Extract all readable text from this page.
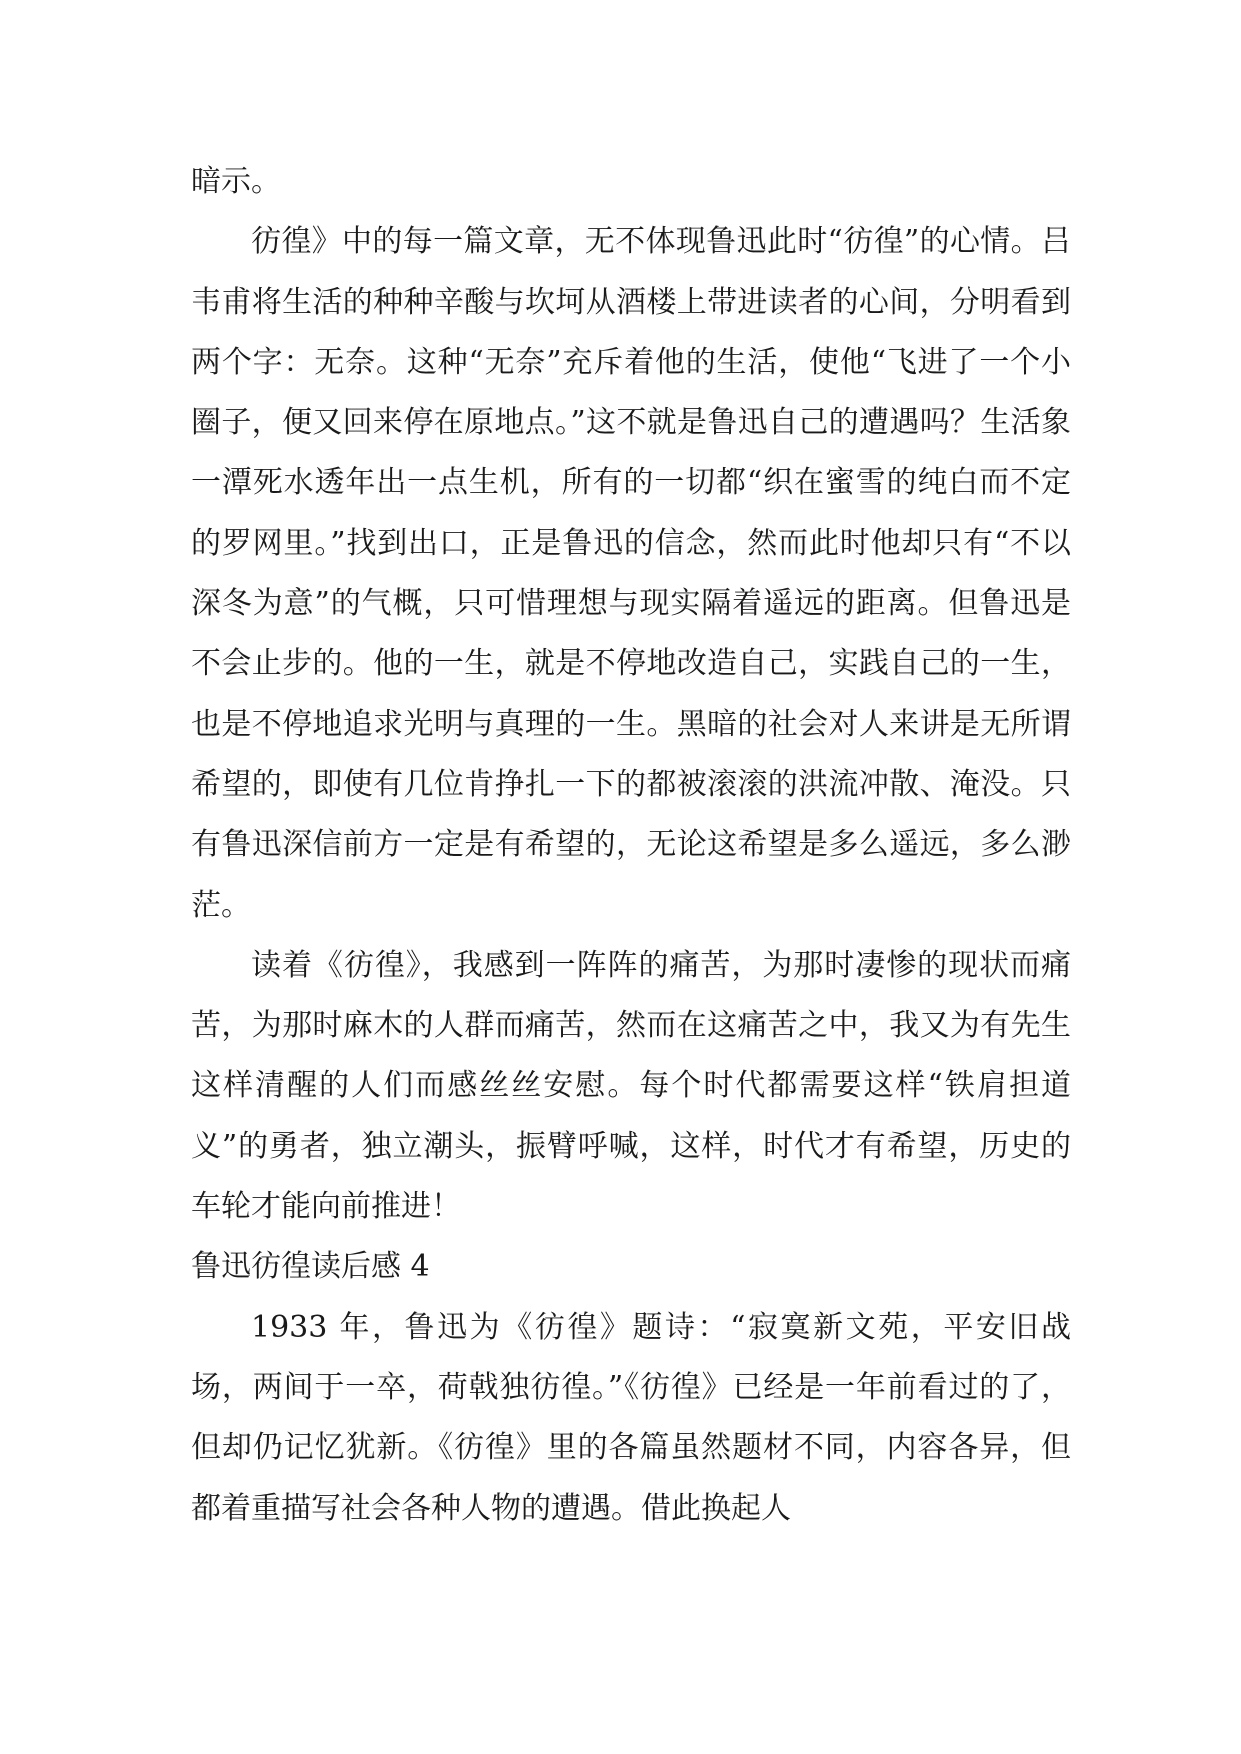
暗示。

彷徨》中的每一篇文章，无不体现鲁迅此时“彷徨”的心情。吕韦甫将生活的种种辛酸与坎坷从酒楼上带进读者的心间，分明看到两个字：无奈。这种“无奈”充斥着他的生活，使他“飞进了一个小圈子，便又回来停在原地点。”这不就是鲁迅自己的遭遇吗？生活象一潭死水透年出一点生机，所有的一切都“织在蜜雪的纯白而不定的罗网里。”找到出口，正是鲁迅的信念，然而此时他却只有“不以深冬为意”的气概，只可惜理想与现实隔着遥远的距离。但鲁迅是不会止步的。他的一生，就是不停地改造自己，实践自己的一生，也是不停地追求光明与真理的一生。黑暗的社会对人来讲是无所谓希望的，即使有几位肯挣扎一下的都被滚滚的洪流冲散、淹没。只有鲁迅深信前方一定是有希望的，无论这希望是多么遥远，多么渺茫。

读着《彷徨》，我感到一阵阵的痛苦，为那时凄惨的现状而痛苦，为那时麻木的人群而痛苦，然而在这痛苦之中，我又为有先生这样清醒的人们而感丝丝安慰。每个时代都需要这样“铁肩担道义”的勇者，独立潮头，振臂呼喊，这样，时代才有希望，历史的车轮才能向前推进！

鲁迅彷徨读后感 4

1933 年，鲁迅为《彷徨》题诗：“寂寞新文苑，平安旧战场，两间于一卒，荷戟独彷徨。”《彷徨》已经是一年前看过的了，但却仍记忆犹新。《彷徨》里的各篇虽然题材不同，内容各异，但都着重描写社会各种人物的遭遇。借此换起人
